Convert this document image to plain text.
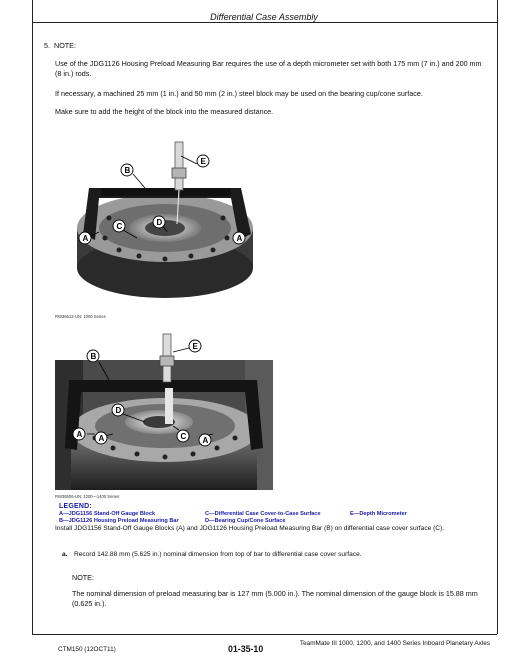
Differential Case Assembly
5. NOTE:
Use of the JDG1126 Housing Preload Measuring Bar requires the use of a depth micrometer set with both 175 mm (7 in.) and 200 mm (8 in.) rods.
If necessary, a machined 25 mm (1 in.) and 50 mm (2 in.) steel block may be used on the bearing cup/cone surface.
Make sure to add the height of the block into the measured distance.
B
E
C	D
A
A
RW36512-UN: 1000 Series
B
E
D
A A	C A
RW36506-UN: 1200—1400 Series
LEGEND:
A—JDG1156 Stand-Off Gauge Block
B—JDG1126 Housing Preload Measuring Bar
C—Differential Case Cover-to-Case Surface
D—Bearing Cup/Cone Surface
E—Depth Micrometer
Install JDG1156 Stand-Off Gauge Blocks (A) and JDG1126 Housing Preload Measuring Bar (B) on differential case cover surface (C).
a. Record 142.88 mm (5.625 in.) nominal dimension from top of bar to differential case cover surface.
NOTE:
The nominal dimension of preload measuring bar is 127 mm (5.000 in.). The nominal dimension of the gauge block is 15.88 mm (0.625 in.).
CTM150 (12OCT11)	01-35-10
TeamMate III 1000, 1200, and 1400 Series Inboard Planetary Axles
